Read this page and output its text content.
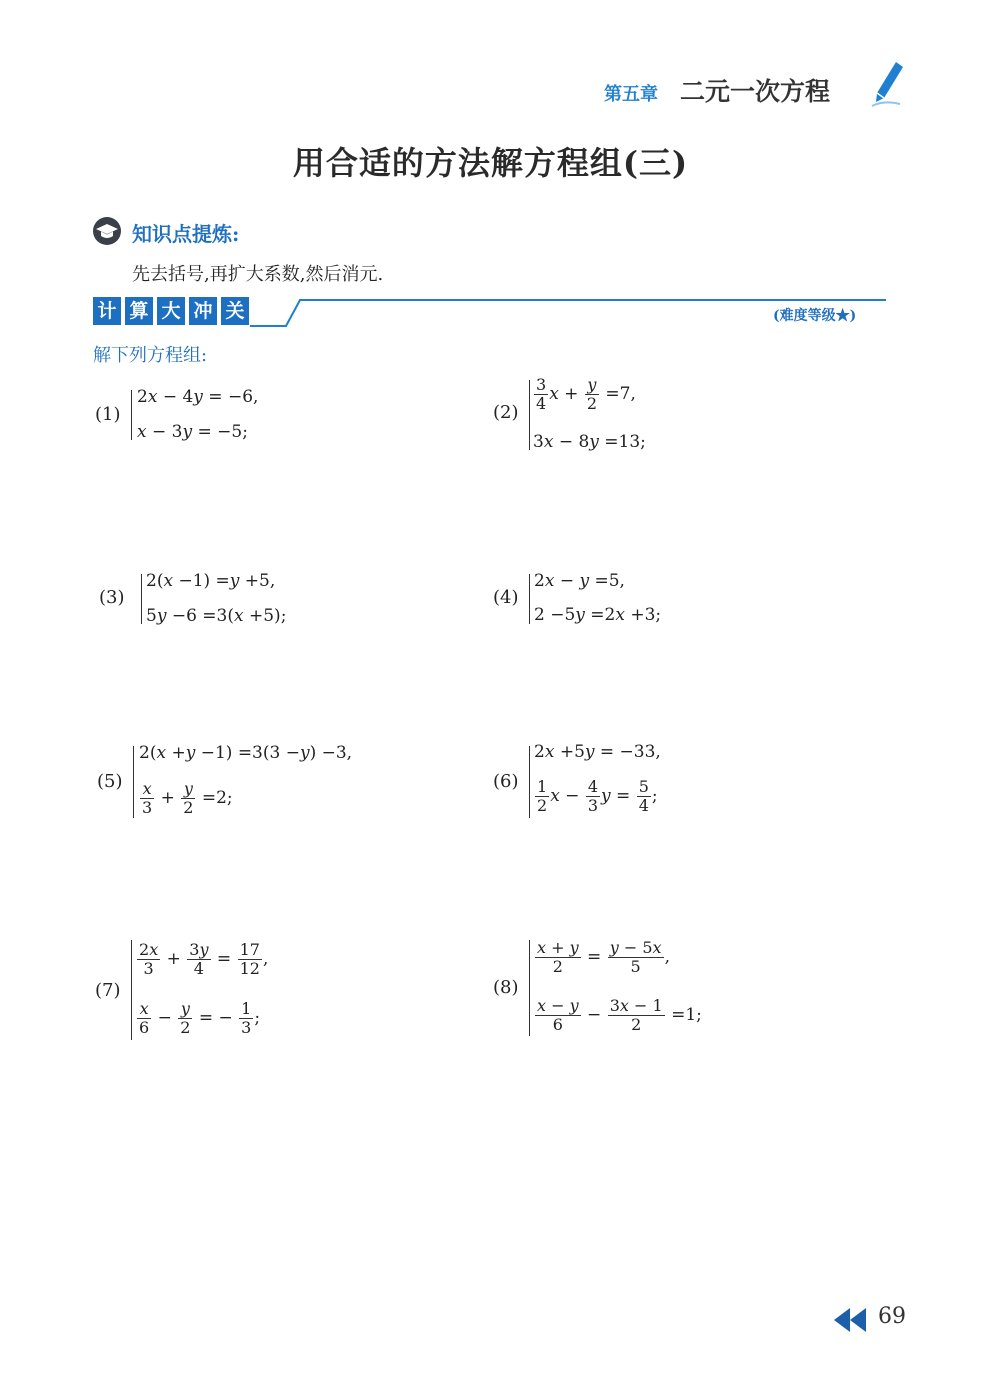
第五章 二元一次方程
用合适的方法解方程组(三)
知识点提炼:
先去括号,再扩大系数,然后消元.
计 算 大 冲 关	(难度等级★)
解下列方程组:
(1)
2x − 4y = −6,
x − 3y = −5;
$(2) \frac{3}{4}$ $x + \frac{y}{2} =7$,
3x − 8y =13;
(3)
2(x −1) =y +5,
5y −6 =3(x +5);
(4)
2x − y =5,
2 −5y =2x +3;
(5)
2(x +y −1) =3(3 −y) −3,
$\frac{x}{3} + \frac{y}{2} =2$;
(6)
2x +5y = −33,
$\frac{1}{2}$ $x - \frac{4}{3}$ $y = \frac{5}{4}$ ;
(7)
$\frac{2x}{3} + \frac{3y}{4} = \frac{17}{12}$ ,
$\frac{x}{6} - \frac{y}{2}$ = − $\frac{1}{3}$ ;
(8)
$\frac{x + y}{2} = \frac{y - 5x}{5}$ ,
$\frac{x - y}{6} - \frac{3x - 1}{2} =1$;
69
